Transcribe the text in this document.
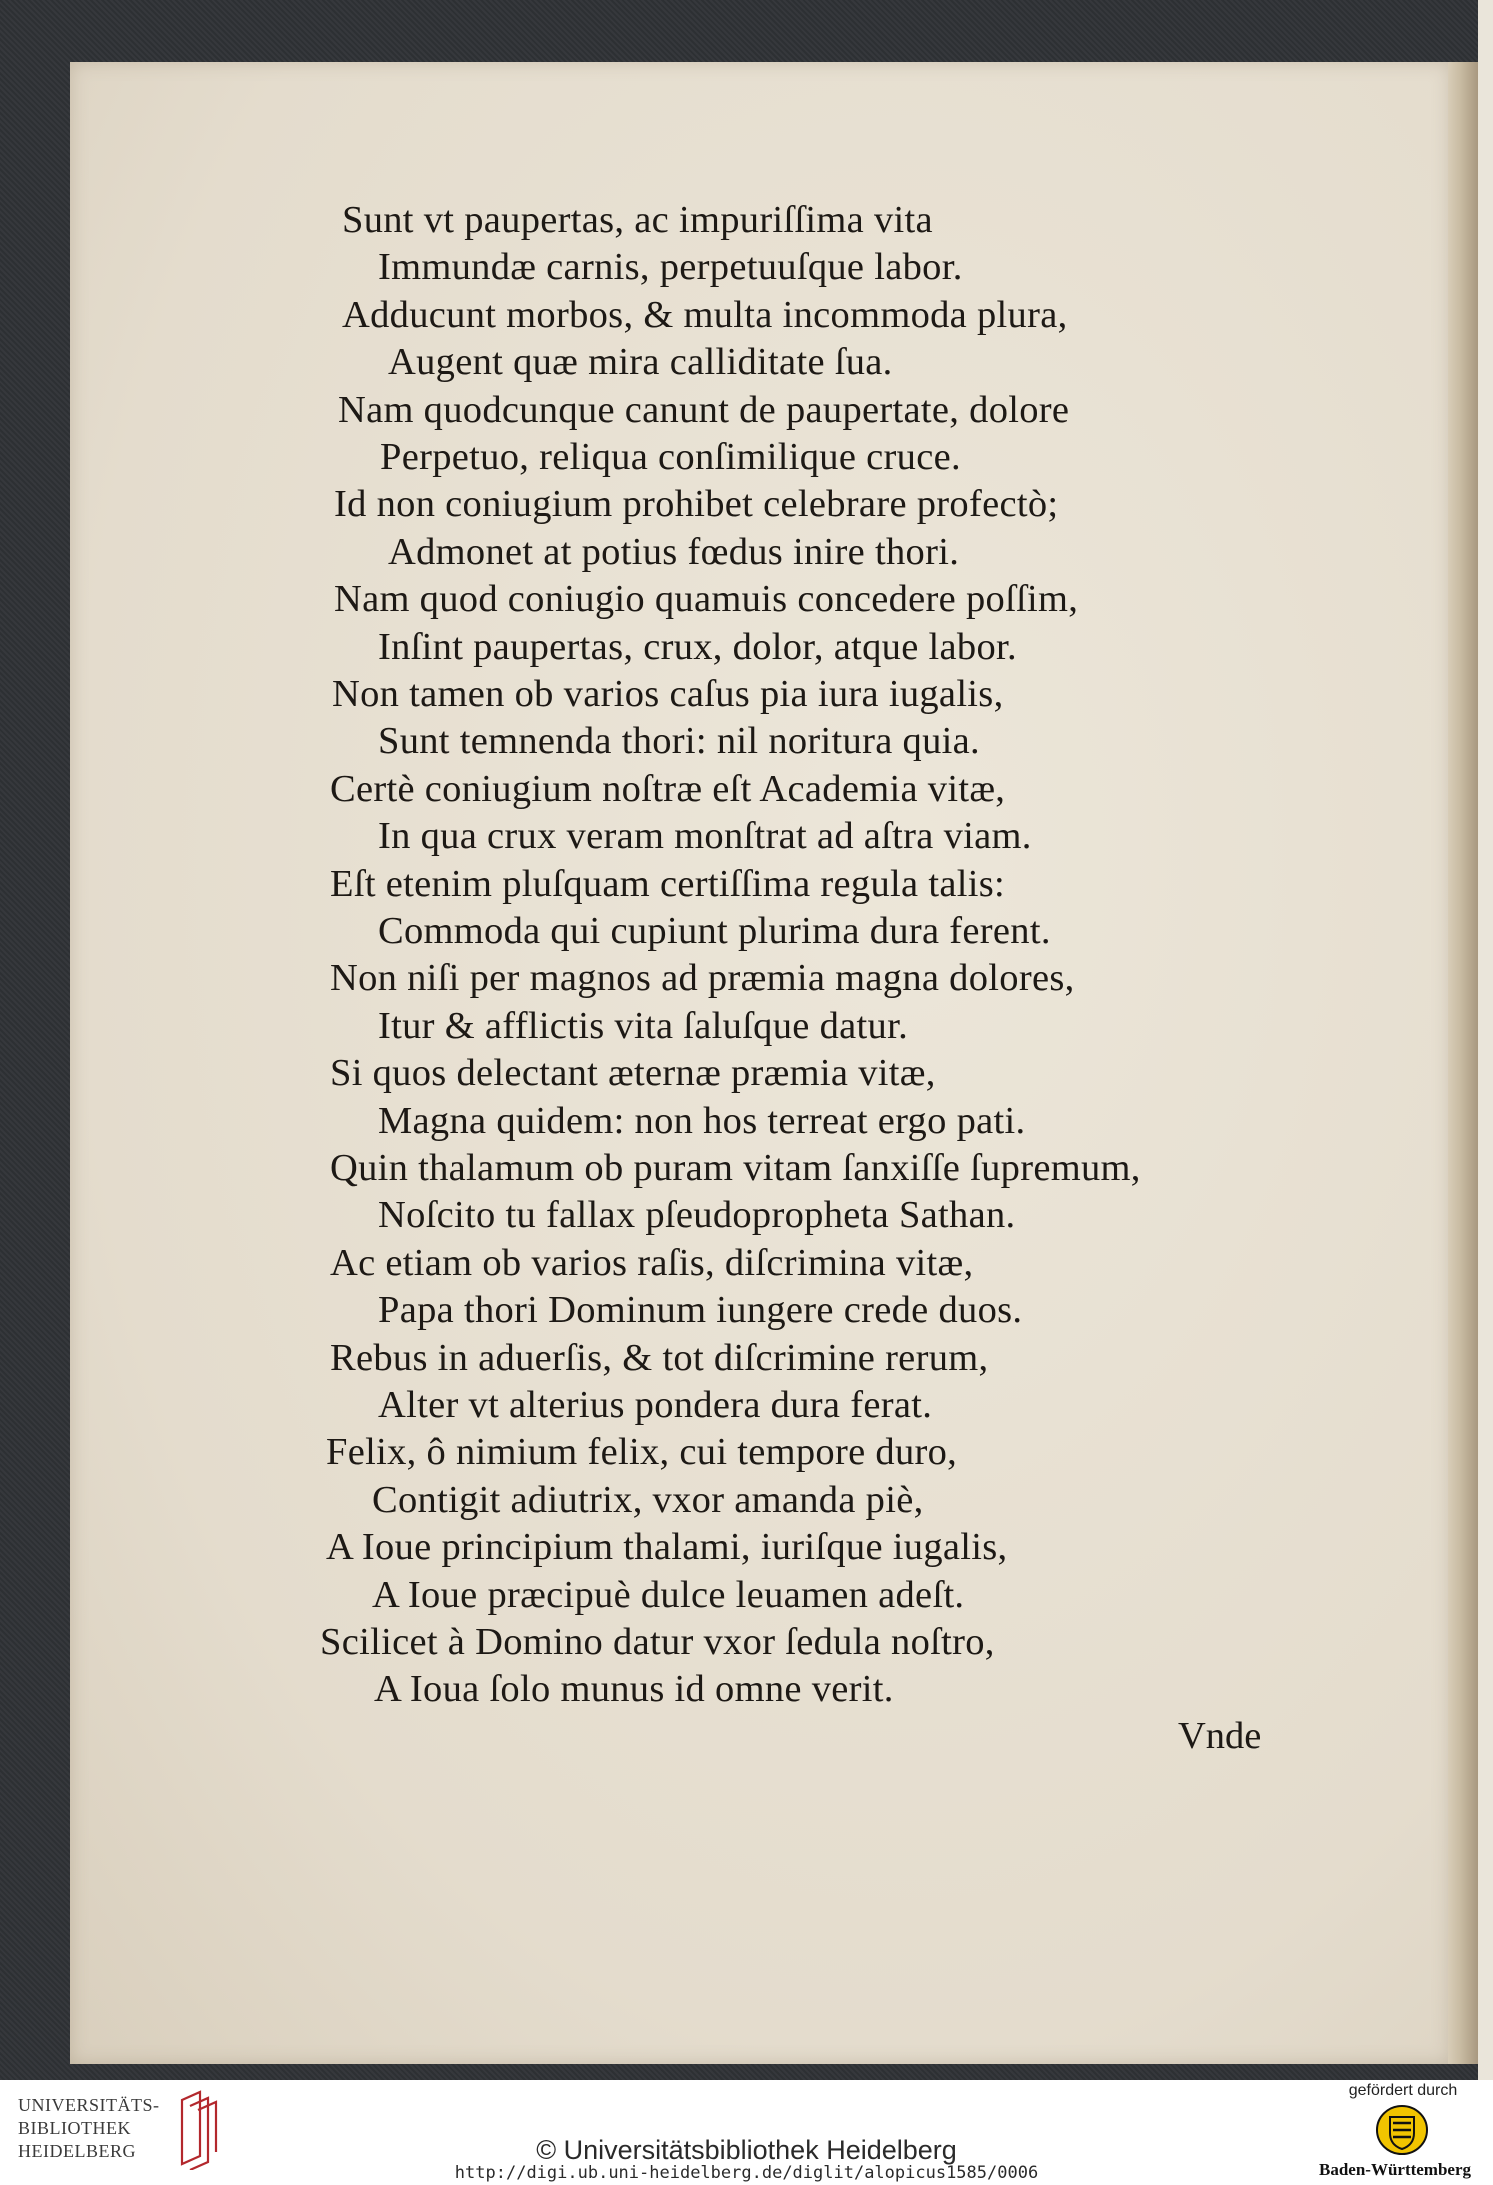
Sunt vt paupertas, ac impuriſſima vita
Immundæ carnis, perpetuuſque labor.
Adducunt morbos, & multa incommoda plura,
Augent quæ mira calliditate ſua.
Nam quodcunque canunt de paupertate, dolore
Perpetuo, reliqua conſimilique cruce.
Id non coniugium prohibet celebrare profectò;
Admonet at potius fœdus inire thori.
Nam quod coniugio quamuis concedere poſſim,
Inſint paupertas, crux, dolor, atque labor.
Non tamen ob varios caſus pia iura iugalis,
Sunt temnenda thori: nil noritura quia.
Certè coniugium noſtræ eſt Academia vitæ,
In qua crux veram monſtrat ad aſtra viam.
Eſt etenim pluſquam certiſſima regula talis:
Commoda qui cupiunt plurima dura ferent.
Non niſi per magnos ad præmia magna dolores,
Itur & afflictis vita ſaluſque datur.
Si quos delectant æternæ præmia vitæ,
Magna quidem: non hos terreat ergo pati.
Quin thalamum ob puram vitam ſanxiſſe ſupremum,
Noſcito tu fallax pſeudopropheta Sathan.
Ac etiam ob varios raſis, diſcrimina vitæ,
Papa thori Dominum iungere crede duos.
Rebus in aduerſis, & tot diſcrimine rerum,
Alter vt alterius pondera dura ferat.
Felix, ô nimium felix, cui tempore duro,
Contigit adiutrix, vxor amanda piè,
A Ioue principium thalami, iuriſque iugalis,
A Ioue præcipuè dulce leuamen adeſt.
Scilicet à Domino datur vxor ſedula noſtro,
A Ioua ſolo munus id omne verit.
Vnde
UNIVERSITÄTS-
BIBLIOTHEK
HEIDELBERG	© Universitätsbibliothek Heidelberg
http://digi.ub.uni-heidelberg.de/diglit/alopicus1585/0006
gefördert durch
Baden-Württemberg
